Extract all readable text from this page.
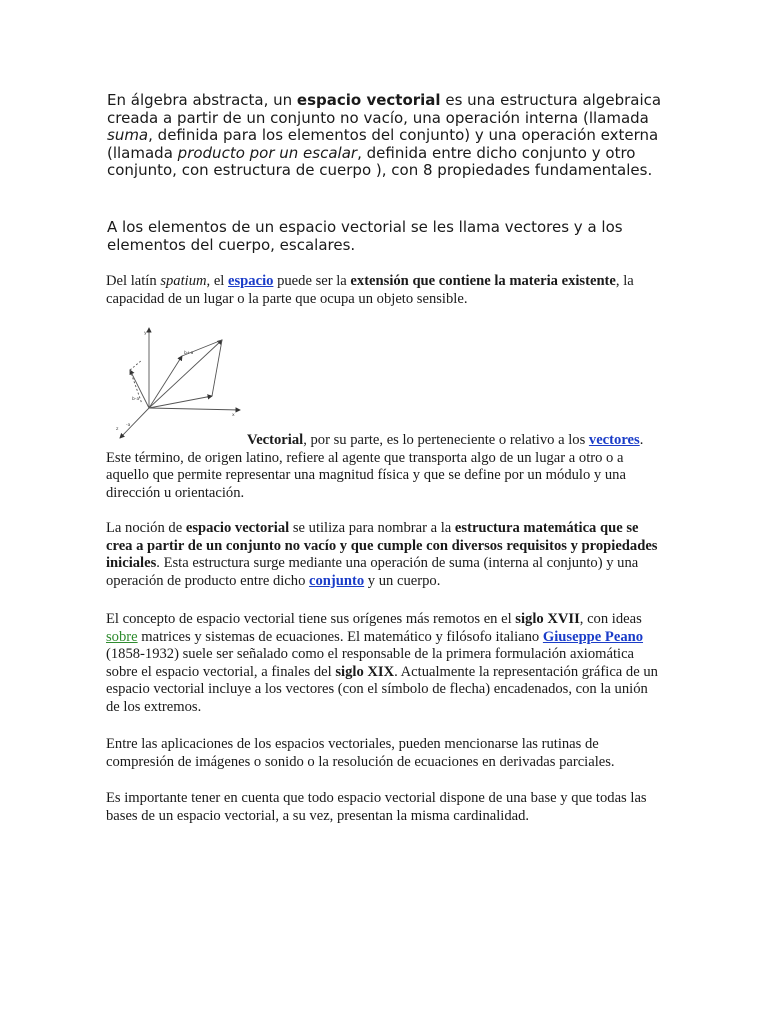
En álgebra abstracta, un espacio vectorial es una estructura algebraica creada a partir de un conjunto no vacío, una operación interna (llamada suma, definida para los elementos del conjunto) y una operación externa (llamada producto por un escalar, definida entre dicho conjunto y otro conjunto, con estructura de cuerpo ), con 8 propiedades fundamentales.

A los elementos de un espacio vectorial se les llama vectores y a los elementos del cuerpo, escalares.

Del latín spatium, el espacio puede ser la extensión que contiene la materia existente, la capacidad de un lugar o la parte que ocupa un objeto sensible.

x
y
z
b+a
b-a
-a

Vectorial, por su parte, es lo perteneciente o relativo a los vectores. Este término, de origen latino, refiere al agente que transporta algo de un lugar a otro o a aquello que permite representar una magnitud física y que se define por un módulo y una dirección u orientación.

La noción de espacio vectorial se utiliza para nombrar a la estructura matemática que se crea a partir de un conjunto no vacío y que cumple con diversos requisitos y propiedades iniciales. Esta estructura surge mediante una operación de suma (interna al conjunto) y una operación de producto entre dicho conjunto y un cuerpo.

El concepto de espacio vectorial tiene sus orígenes más remotos en el siglo XVII, con ideas sobre matrices y sistemas de ecuaciones. El matemático y filósofo italiano Giuseppe Peano (1858-1932) suele ser señalado como el responsable de la primera formulación axiomática sobre el espacio vectorial, a finales del siglo XIX. Actualmente la representación gráfica de un espacio vectorial incluye a los vectores (con el símbolo de flecha) encadenados, con la unión de los extremos.

Entre las aplicaciones de los espacios vectoriales, pueden mencionarse las rutinas de compresión de imágenes o sonido o la resolución de ecuaciones en derivadas parciales.

Es importante tener en cuenta que todo espacio vectorial dispone de una base y que todas las bases de un espacio vectorial, a su vez, presentan la misma cardinalidad.
